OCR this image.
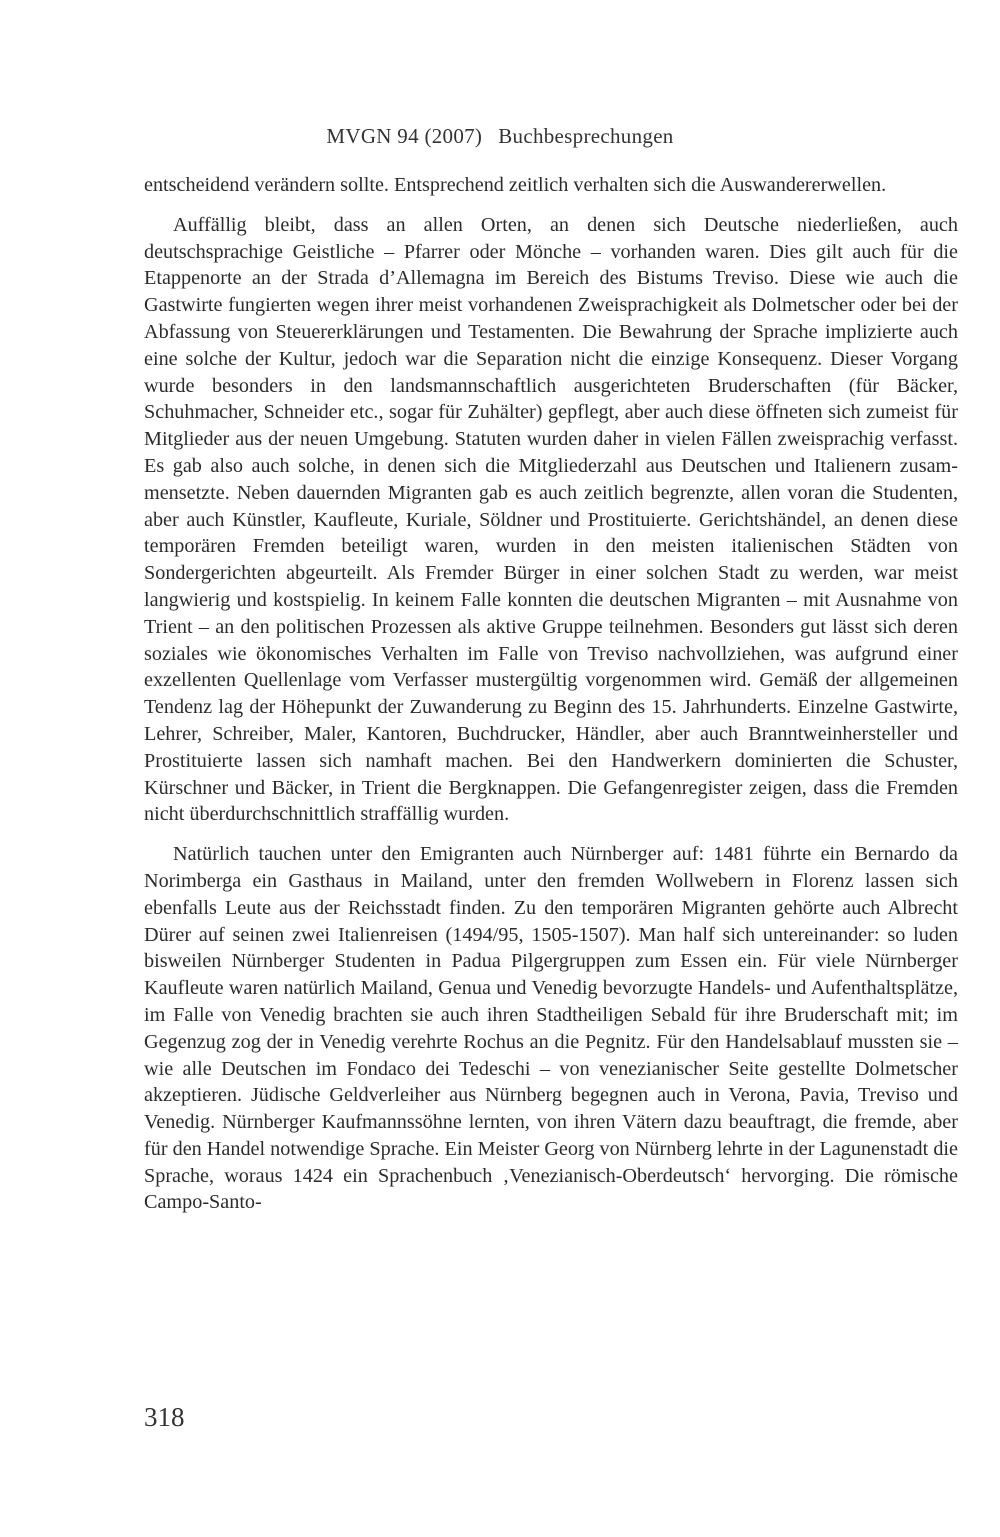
MVGN 94 (2007) Buchbesprechungen

entscheidend verändern sollte. Entsprechend zeitlich verhalten sich die Auswandererwellen.

Auffällig bleibt, dass an allen Orten, an denen sich Deutsche niederließen, auch deutschsprachige Geistliche – Pfarrer oder Mönche – vorhanden waren. Dies gilt auch für die Etappenorte an der Strada d’Allemagna im Bereich des Bistums Treviso. Diese wie auch die Gastwirte fungierten wegen ihrer meist vorhandenen Zweisprachigkeit als Dolmetscher oder bei der Abfassung von Steuererklärungen und Testamenten. Die Bewahrung der Sprache implizierte auch eine solche der Kultur, jedoch war die Separation nicht die einzige Konsequenz. Dieser Vorgang wurde besonders in den landsmannschaftlich ausgerichteten Bruderschaften (für Bäcker, Schuhmacher, Schneider etc., sogar für Zuhälter) gepflegt, aber auch diese öffneten sich zumeist für Mitglieder aus der neuen Umgebung. Statuten wurden daher in vielen Fällen zweisprachig verfasst. Es gab also auch solche, in denen sich die Mitgliederzahl aus Deutschen und Italienern zusammensetzte. Neben dauernden Migranten gab es auch zeitlich begrenzte, allen voran die Studenten, aber auch Künstler, Kaufleute, Kuriale, Söldner und Prostituierte. Gerichtshändel, an denen diese temporären Fremden beteiligt waren, wurden in den meisten italienischen Städten von Sondergerichten abgeurteilt. Als Fremder Bürger in einer solchen Stadt zu werden, war meist langwierig und kostspielig. In keinem Falle konnten die deutschen Migranten – mit Ausnahme von Trient – an den politischen Prozessen als aktive Gruppe teilnehmen. Besonders gut lässt sich deren soziales wie ökonomisches Verhalten im Falle von Treviso nachvollziehen, was aufgrund einer exzellenten Quellenlage vom Verfasser mustergültig vorgenommen wird. Gemäß der allgemeinen Tendenz lag der Höhepunkt der Zuwanderung zu Beginn des 15. Jahrhunderts. Einzelne Gastwirte, Lehrer, Schreiber, Maler, Kantoren, Buchdrucker, Händler, aber auch Branntweinhersteller und Prostituierte lassen sich namhaft machen. Bei den Handwerkern dominierten die Schuster, Kürschner und Bäcker, in Trient die Bergknappen. Die Gefangenregister zeigen, dass die Fremden nicht überdurchschnittlich straffällig wurden.

Natürlich tauchen unter den Emigranten auch Nürnberger auf: 1481 führte ein Bernardo da Norimberga ein Gasthaus in Mailand, unter den fremden Wollwebern in Florenz lassen sich ebenfalls Leute aus der Reichsstadt finden. Zu den temporären Migranten gehörte auch Albrecht Dürer auf seinen zwei Italienreisen (1494/95, 1505-1507). Man half sich untereinander: so luden bisweilen Nürnberger Studenten in Padua Pilgergruppen zum Essen ein. Für viele Nürnberger Kaufleute waren natürlich Mailand, Genua und Venedig bevorzugte Handels- und Aufenthaltsplätze, im Falle von Venedig brachten sie auch ihren Stadtheiligen Sebald für ihre Bruderschaft mit; im Gegenzug zog der in Venedig verehrte Rochus an die Pegnitz. Für den Handelsablauf mussten sie – wie alle Deutschen im Fondaco dei Tedeschi – von venezianischer Seite gestellte Dolmetscher akzeptieren. Jüdische Geldverleiher aus Nürnberg begegnen auch in Verona, Pavia, Treviso und Venedig. Nürnberger Kaufmannssöhne lernten, von ihren Vätern dazu beauftragt, die fremde, aber für den Handel notwendige Sprache. Ein Meister Georg von Nürnberg lehrte in der Lagunenstadt die Sprache, woraus 1424 ein Sprachenbuch ‚Venezianisch-Oberdeutsch‘ hervorging. Die römische Campo-Santo-

318
